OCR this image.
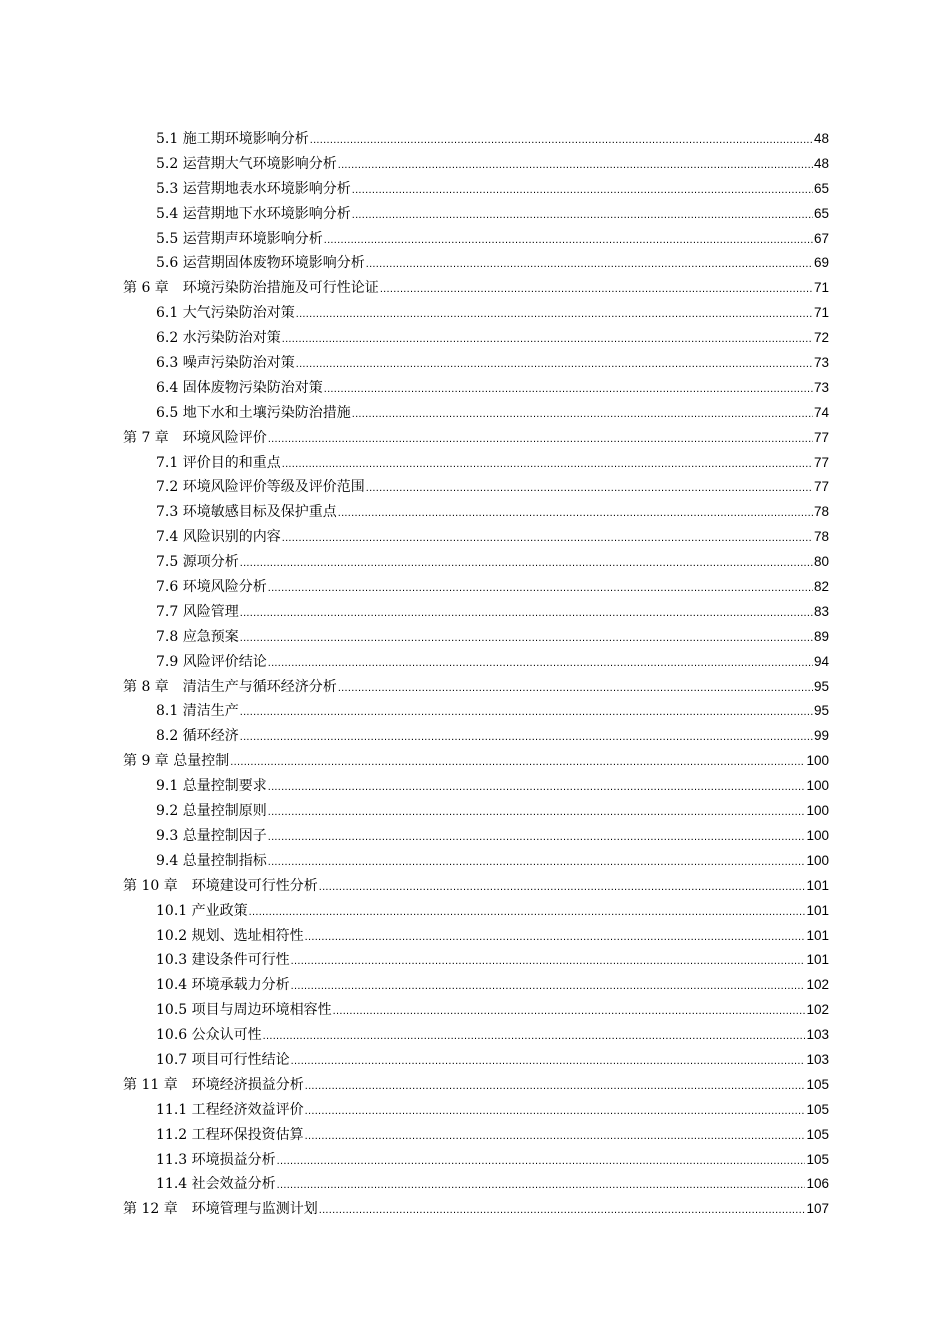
5.1 施工期环境影响分析 .....	48
5.2 运营期大气环境影响分析 .....	48
5.3 运营期地表水环境影响分析 .....	65
5.4 运营期地下水环境影响分析 .....	65
5.5 运营期声环境影响分析 .....	67
5.6 运营期固体废物环境影响分析 .....	69
第 6 章　环境污染防治措施及可行性论证 .....	71
6.1 大气污染防治对策 .....	71
6.2 水污染防治对策 .....	72
6.3 噪声污染防治对策 .....	73
6.4 固体废物污染防治对策 .....	73
6.5 地下水和土壤污染防治措施 .....	74
第 7 章　环境风险评价 .....	77
7.1 评价目的和重点 .....	77
7.2 环境风险评价等级及评价范围 .....	77
7.3 环境敏感目标及保护重点 .....	78
7.4 风险识别的内容 .....	78
7.5 源项分析 .....	80
7.6 环境风险分析 .....	82
7.7 风险管理 .....	83
7.8 应急预案 .....	89
7.9 风险评价结论 .....	94
第 8 章　清洁生产与循环经济分析 .....	95
8.1 清洁生产 .....	95
8.2 循环经济 .....	99
第 9 章 总量控制 .....	100
9.1 总量控制要求 .....	100
9.2 总量控制原则 .....	100
9.3 总量控制因子 .....	100
9.4 总量控制指标 .....	100
第 10 章　环境建设可行性分析 .....	101
10.1 产业政策 .....	101
10.2 规划、选址相符性 .....	101
10.3 建设条件可行性 .....	101
10.4 环境承载力分析 .....	102
10.5 项目与周边环境相容性 .....	102
10.6 公众认可性 .....	103
10.7 项目可行性结论 .....	103
第 11 章　环境经济损益分析 .....	105
11.1 工程经济效益评价 .....	105
11.2 工程环保投资估算 .....	105
11.3 环境损益分析 .....	105
11.4 社会效益分析 .....	106
第 12 章　环境管理与监测计划 .....	107
